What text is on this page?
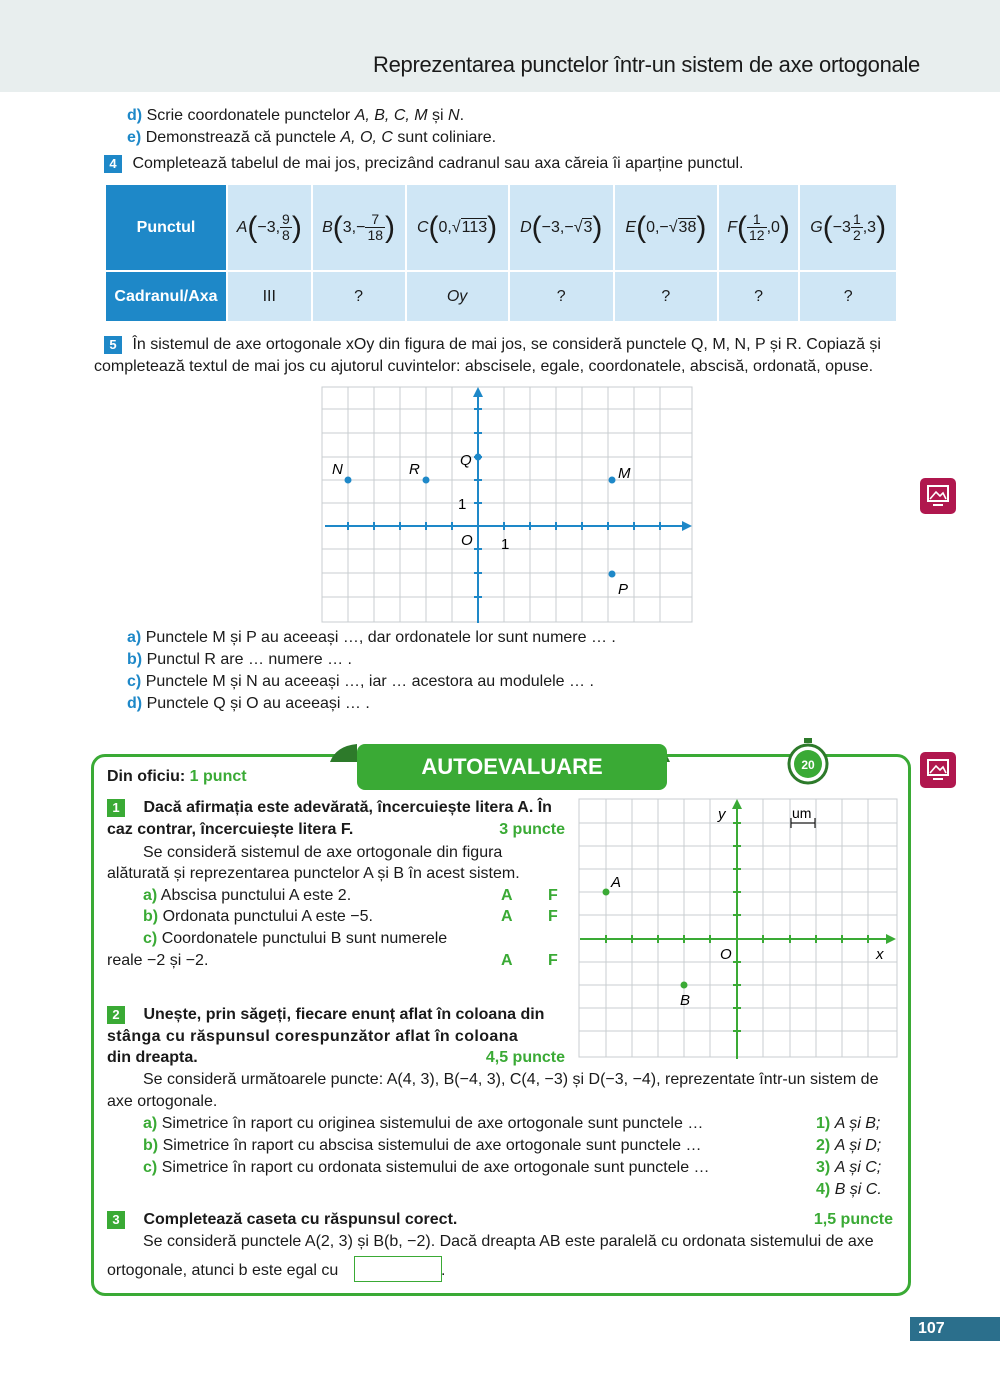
Reprezentarea punctelor într-un sistem de axe ortogonale
d) Scrie coordonatele punctelor A, B, C, M și N.
e) Demonstrează că punctele A, O, C sunt coliniare.
4 Completează tabelul de mai jos, precizând cadranul sau axa căreia îi aparține punctul.
Punctul	A(−3, $\frac{9}{8}$ )	$B(3,- \frac{7}{18}$ )	C(0,√113)	D(−3,−√3)	E(0,−√38)	$F( \frac{1}{12} ,0)$	$G(-3 \frac{1}{2} ,3)$
Cadranul/Axa	III	?	Oy	?	?	?	?
5 În sistemul de axe ortogonale xOy din figura de mai jos, se consideră punctele Q, M, N, P și R. Copiază și
completează textul de mai jos cu ajutorul cuvintelor: abscisele, egale, coordonatele, abscisă, ordonată, opuse.
N	R
Q
M
P
O
1
1
a) Punctele M și P au aceeași …, dar ordonatele lor sunt numere … .
b) Punctul R are … numere … .
c) Punctele M și N au aceeași …, iar … acestora au modulele … .
d) Punctele Q și O au aceeași … .
AUTOEVALUARE	20
Din oficiu: 1 punct
1 Dacă afirmația este adevărată, încercuiește litera A. În
caz contrar, încercuiește litera F.	3 puncte
Se consideră sistemul de axe ortogonale din figura
alăturată și reprezentarea punctelor A și B în acest sistem.
a) Abscisa punctului A este 2.	A F
b) Ordonata punctului A este −5.	A F
c) Coordonatele punctului B sunt numerele
reale −2 și −2.	A F
A
B
y
x
O
um
2 Unește, prin săgeți, fiecare enunț aflat în coloana din
stânga cu răspunsul corespunzător aflat în coloana
din dreapta.	4,5 puncte
Se consideră următoarele puncte: A(4, 3), B(−4, 3), C(4, −3) și D(−3, −4), reprezentate într-un sistem de
axe ortogonale.
a) Simetrice în raport cu originea sistemului de axe ortogonale sunt punctele …
b) Simetrice în raport cu abscisa sistemului de axe ortogonale sunt punctele …
c) Simetrice în raport cu ordonata sistemului de axe ortogonale sunt punctele …
1) A și B;
2) A și D;
3) A și C;
4) B și C.
3 Completează caseta cu răspunsul corect.	1,5 puncte
Se consideră punctele A(2, 3) și B(b, −2). Dacă dreapta AB este paralelă cu ordonata sistemului de axe
ortogonale, atunci b este egal cu	.
107
